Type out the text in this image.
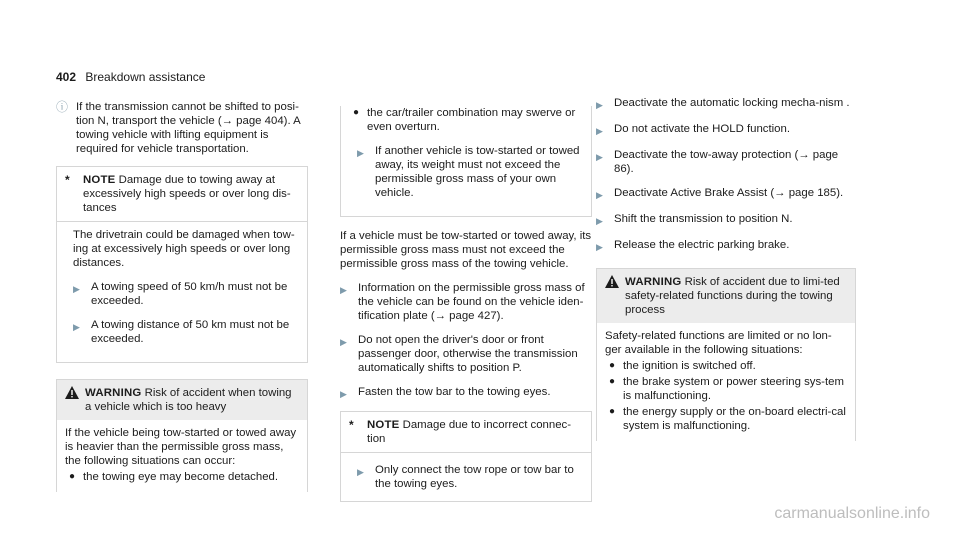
402 Breakdown assistance
ⓘ If the transmission cannot be shifted to posi-tion N, transport the vehicle (→ page 404). A towing vehicle with lifting equipment is required for vehicle transportation.
*	NOTE Damage due to towing away at excessively high speeds or over long dis-tances
The drivetrain could be damaged when tow-ing at excessively high speeds or over long distances.
▶ A towing speed of 50 km/h must not be exceeded.
▶ A towing distance of 50 km must not be exceeded.
WARNING Risk of accident when towing a vehicle which is too heavy
If the vehicle being tow-started or towed away is heavier than the permissible gross mass, the following situations can occur:
● the towing eye may become detached.
● the car/trailer combination may swerve or even overturn.
▶ If another vehicle is tow-started or towed away, its weight must not exceed the permissible gross mass of your own vehicle.
If a vehicle must be tow-started or towed away, its permissible gross mass must not exceed the permissible gross mass of the towing vehicle.
▶ Information on the permissible gross mass of the vehicle can be found on the vehicle iden-tification plate (→ page 427).
▶ Do not open the driver's door or front passenger door, otherwise the transmission automatically shifts to position P.
▶ Fasten the tow bar to the towing eyes.
*	NOTE Damage due to incorrect connec-tion
▶ Only connect the tow rope or tow bar to the towing eyes.
▶ Deactivate the automatic locking mecha-nism .
▶ Do not activate the HOLD function.
▶ Deactivate the tow-away protection (→ page 86).
▶ Deactivate Active Brake Assist (→ page 185).
▶ Shift the transmission to position N.
▶ Release the electric parking brake.
WARNING Risk of accident due to limi-ted safety-related functions during the towing process
Safety-related functions are limited or no lon-ger available in the following situations:
● the ignition is switched off.
● the brake system or power steering sys-tem is malfunctioning.
● the energy supply or the on-board electri-cal system is malfunctioning.
carmanualsonline.info
